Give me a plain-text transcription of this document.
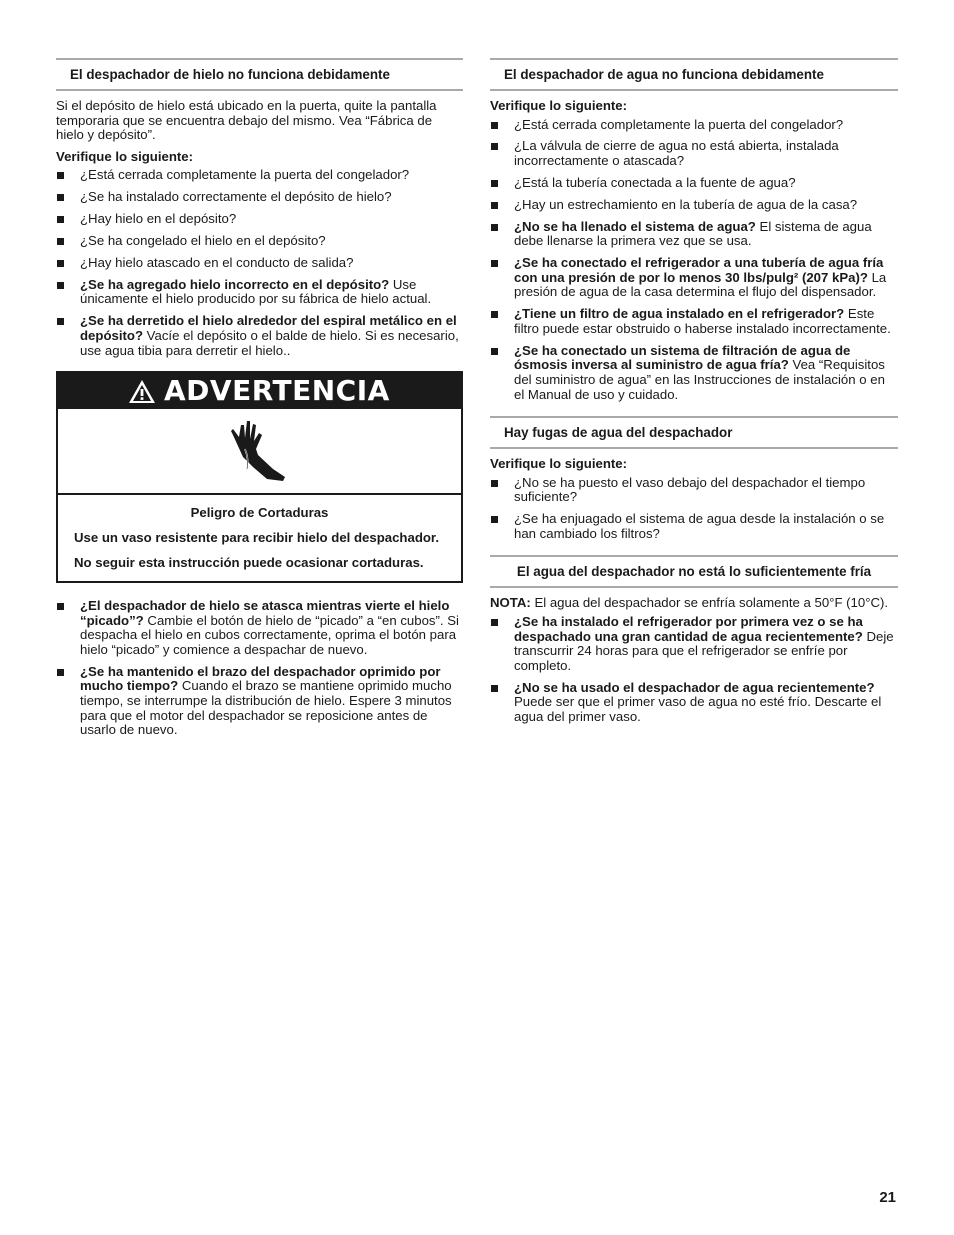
El despachador de hielo no funciona debidamente

Si el depósito de hielo está ubicado en la puerta, quite la pantalla temporaria que se encuentra debajo del mismo. Vea “Fábrica de hielo y depósito”.

Verifique lo siguiente:

¿Está cerrada completamente la puerta del congelador?
¿Se ha instalado correctamente el depósito de hielo?
¿Hay hielo en el depósito?
¿Se ha congelado el hielo en el depósito?
¿Hay hielo atascado en el conducto de salida?
¿Se ha agregado hielo incorrecto en el depósito? Use únicamente el hielo producido por su fábrica de hielo actual.
¿Se ha derretido el hielo alrededor del espiral metálico en el depósito? Vacíe el depósito o el balde de hielo. Si es necesario, use agua tibia para derretir el hielo..
ADVERTENCIA

Peligro de Cortaduras

Use un vaso resistente para recibir hielo del despachador.

No seguir esta instrucción puede ocasionar cortaduras.

¿El despachador de hielo se atasca mientras vierte el hielo “picado”? Cambie el botón de hielo de “picado” a “en cubos”. Si despacha el hielo en cubos correctamente, oprima el botón para hielo “picado” y comience a despachar de nuevo.
¿Se ha mantenido el brazo del despachador oprimido por mucho tiempo? Cuando el brazo se mantiene oprimido mucho tiempo, se interrumpe la distribución de hielo. Espere 3 minutos para que el motor del despachador se reposicione antes de usarlo de nuevo.
El despachador de agua no funciona debidamente

Verifique lo siguiente:

¿Está cerrada completamente la puerta del congelador?
¿La válvula de cierre de agua no está abierta, instalada incorrectamente o atascada?
¿Está la tubería conectada a la fuente de agua?
¿Hay un estrechamiento en la tubería de agua de la casa?
¿No se ha llenado el sistema de agua? El sistema de agua debe llenarse la primera vez que se usa.
¿Se ha conectado el refrigerador a una tubería de agua fría con una presión de por lo menos 30 lbs/pulg² (207 kPa)? La presión de agua de la casa determina el flujo del dispensador.
¿Tiene un filtro de agua instalado en el refrigerador? Este filtro puede estar obstruido o haberse instalado incorrectamente.
¿Se ha conectado un sistema de filtración de agua de ósmosis inversa al suministro de agua fría? Vea “Requisitos del suministro de agua” en las Instrucciones de instalación o en el Manual de uso y cuidado.
Hay fugas de agua del despachador

Verifique lo siguiente:

¿No se ha puesto el vaso debajo del despachador el tiempo suficiente?
¿Se ha enjuagado el sistema de agua desde la instalación o se han cambiado los filtros?
El agua del despachador no está lo suficientemente fría

NOTA: El agua del despachador se enfría solamente a 50°F (10°C).

¿Se ha instalado el refrigerador por primera vez o se ha despachado una gran cantidad de agua recientemente? Deje transcurrir 24 horas para que el refrigerador se enfríe por completo.
¿No se ha usado el despachador de agua recientemente? Puede ser que el primer vaso de agua no esté frío. Descarte el agua del primer vaso.
21
